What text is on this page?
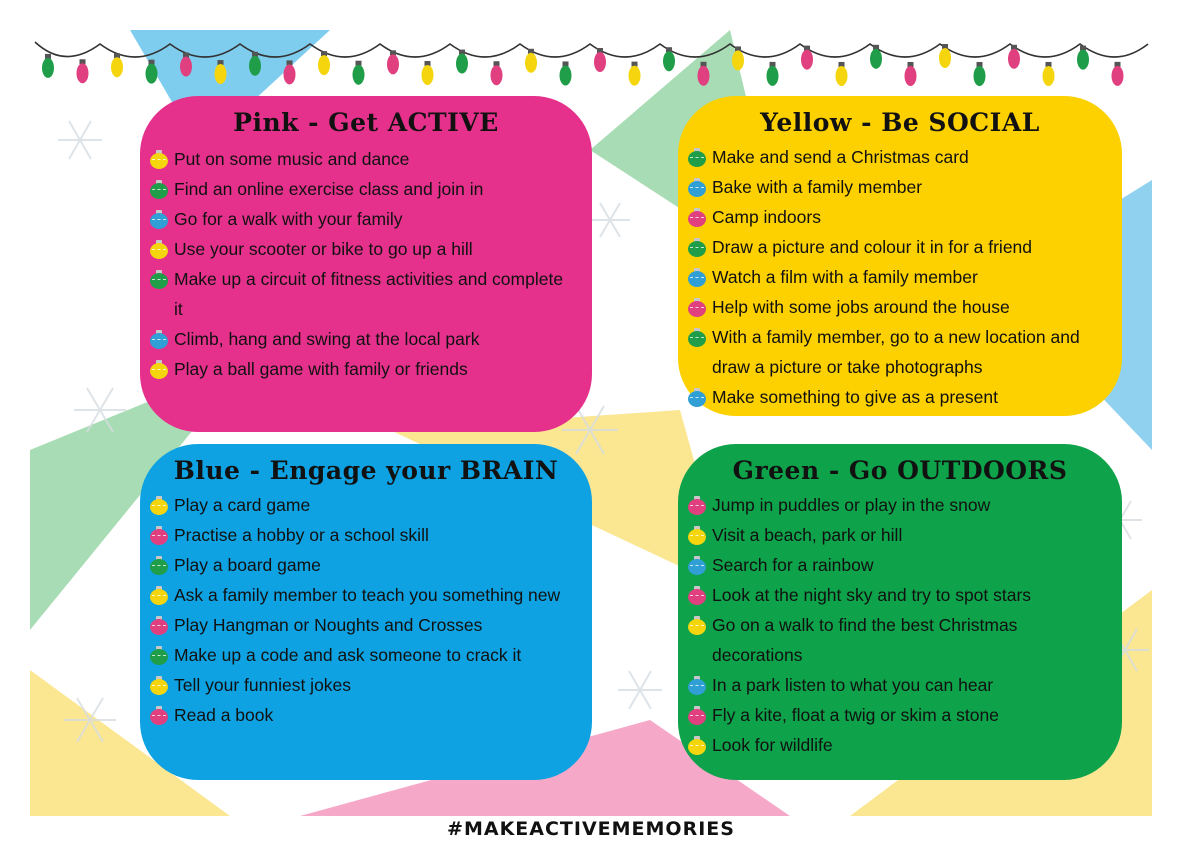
Pink - Get ACTIVE
Put on some music and dance
Find an online exercise class and join in
Go for a walk with your family
Use your scooter or bike to go up a hill
Make up a circuit of fitness activities and complete it
Climb, hang and swing at the local park
Play a ball game with family or friends
Yellow - Be SOCIAL
Make and send a Christmas card
Bake with a family member
Camp indoors
Draw a picture and colour it in for a friend
Watch a film with a family member
Help with some jobs around the house
With a family member, go to a new location and draw a picture or take photographs
Make something to give as a present
Blue - Engage your BRAIN
Play a card game
Practise a hobby or a school skill
Play a board game
Ask a family member to teach you something new
Play Hangman or Noughts and Crosses
Make up a code and ask someone to crack it
Tell your funniest jokes
Read a book
Green - Go OUTDOORS
Jump in puddles or play in the snow
Visit a beach, park or hill
Search for a rainbow
Look at the night sky and try to spot stars
Go on a walk to find the best Christmas decorations
In a park listen to what you can hear
Fly a kite, float a twig or skim a stone
Look for wildlife
#MAKEACTIVEMEMORIES
